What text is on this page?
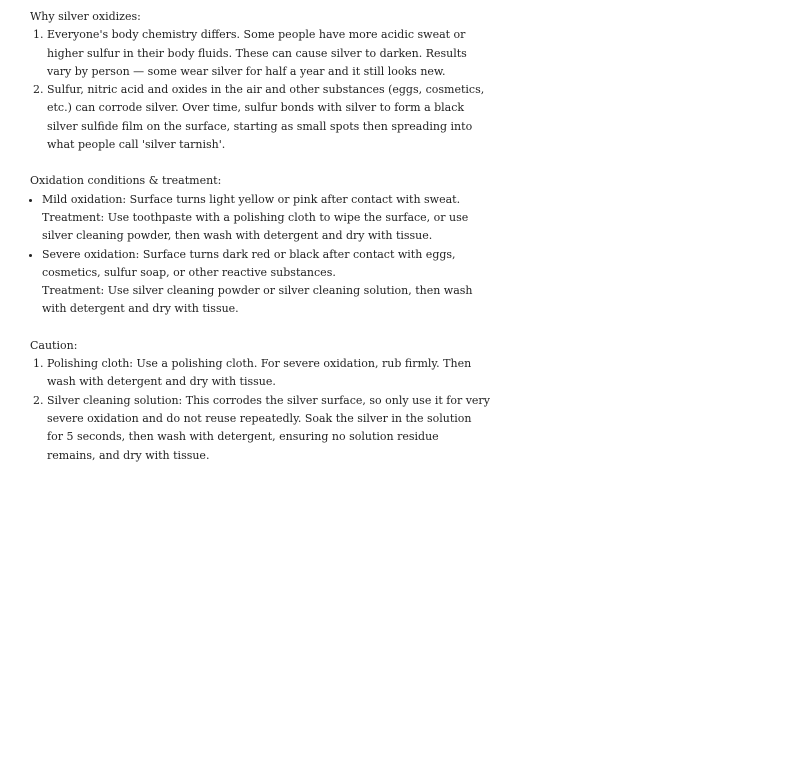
Why silver oxidizes:

1. Everyone's body chemistry differs. Some people have more acidic sweat or higher sulfur in their body fluids. These can cause silver to darken. Results vary by person — some wear silver for half a year and it still looks new.
2. Sulfur, nitric acid and oxides in the air and other substances (eggs, cosmetics, etc.) can corrode silver. Over time, sulfur bonds with silver to form a black silver sulfide film on the surface, starting as small spots then spreading into what people call 'silver tarnish'.

Oxidation conditions & treatment:

• Mild oxidation: Surface turns light yellow or pink after contact with sweat.
Treatment: Use toothpaste with a polishing cloth to wipe the surface, or use silver cleaning powder, then wash with detergent and dry with tissue.
• Severe oxidation: Surface turns dark red or black after contact with eggs, cosmetics, sulfur soap, or other reactive substances.
Treatment: Use silver cleaning powder or silver cleaning solution, then wash with detergent and dry with tissue.

Caution:

1. Polishing cloth: Use a polishing cloth. For severe oxidation, rub firmly. Then wash with detergent and dry with tissue.
2. Silver cleaning solution: This corrodes the silver surface, so only use it for very severe oxidation and do not reuse repeatedly. Soak the silver in the solution for 5 seconds, then wash with detergent, ensuring no solution residue remains, and dry with tissue.
